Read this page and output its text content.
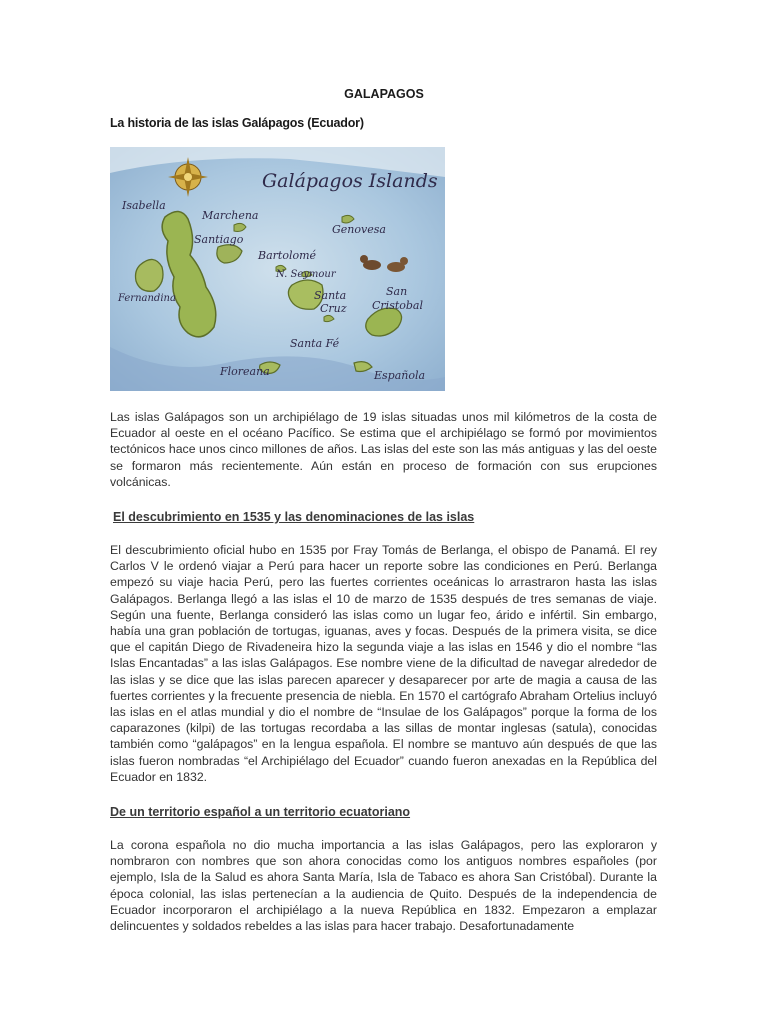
GALAPAGOS
La historia de las islas Galápagos (Ecuador)
Galápagos Islands
Isabella
Marchena
Genovesa
Santiago
Bartolomé
N. Seymour
San
Cristobal
Fernandina	Santa
Cruz
Santa Fé
Floreana	Española

Las islas Galápagos son un archipiélago de 19 islas situadas unos mil kilómetros de la costa de Ecuador al oeste en el océano Pacífico. Se estima que el archipiélago se formó por movimientos tectónicos hace unos cinco millones de años. Las islas del este son las más antiguas y las del oeste se formaron más recientemente. Aún están en proceso de formación con sus erupciones volcánicas.

El descubrimiento en 1535 y las denominaciones de las islas

El descubrimiento oficial hubo en 1535 por Fray Tomás de Berlanga, el obispo de Panamá. El rey Carlos V le ordenó viajar a Perú para hacer un reporte sobre las condiciones en Perú. Berlanga empezó su viaje hacia Perú, pero las fuertes corrientes oceánicas lo arrastraron hasta las islas Galápagos. Berlanga llegó a las islas el 10 de marzo de 1535 después de tres semanas de viaje. Según una fuente, Berlanga consideró las islas como un lugar feo, árido e infértil. Sin embargo, había una gran población de tortugas, iguanas, aves y focas. Después de la primera visita, se dice que el capitán Diego de Rivadeneira hizo la segunda viaje a las islas en 1546 y dio el nombre “las Islas Encantadas” a las islas Galápagos. Ese nombre viene de la dificultad de navegar alrededor de las islas y se dice que las islas parecen aparecer y desaparecer por arte de magia a causa de las fuertes corrientes y la frecuente presencia de niebla. En 1570 el cartógrafo Abraham Ortelius incluyó las islas en el atlas mundial y dio el nombre de “Insulae de los Galápagos” porque la forma de los caparazones (kilpi) de las tortugas recordaba a las sillas de montar inglesas (satula), conocidas también como “galápagos” en la lengua española. El nombre se mantuvo aún después de que las islas fueron nombradas “el Archipiélago del Ecuador” cuando fueron anexadas en la República del Ecuador en 1832.

De un territorio español a un territorio ecuatoriano

La corona española no dio mucha importancia a las islas Galápagos, pero las exploraron y nombraron con nombres que son ahora conocidas como los antiguos nombres españoles (por ejemplo, Isla de la Salud es ahora Santa María, Isla de Tabaco es ahora San Cristóbal). Durante la época colonial, las islas pertenecían a la audiencia de Quito. Después de la independencia de Ecuador incorporaron el archipiélago a la nueva República en 1832. Empezaron a emplazar delincuentes y soldados rebeldes a las islas para hacer trabajo. Desafortunadamente
